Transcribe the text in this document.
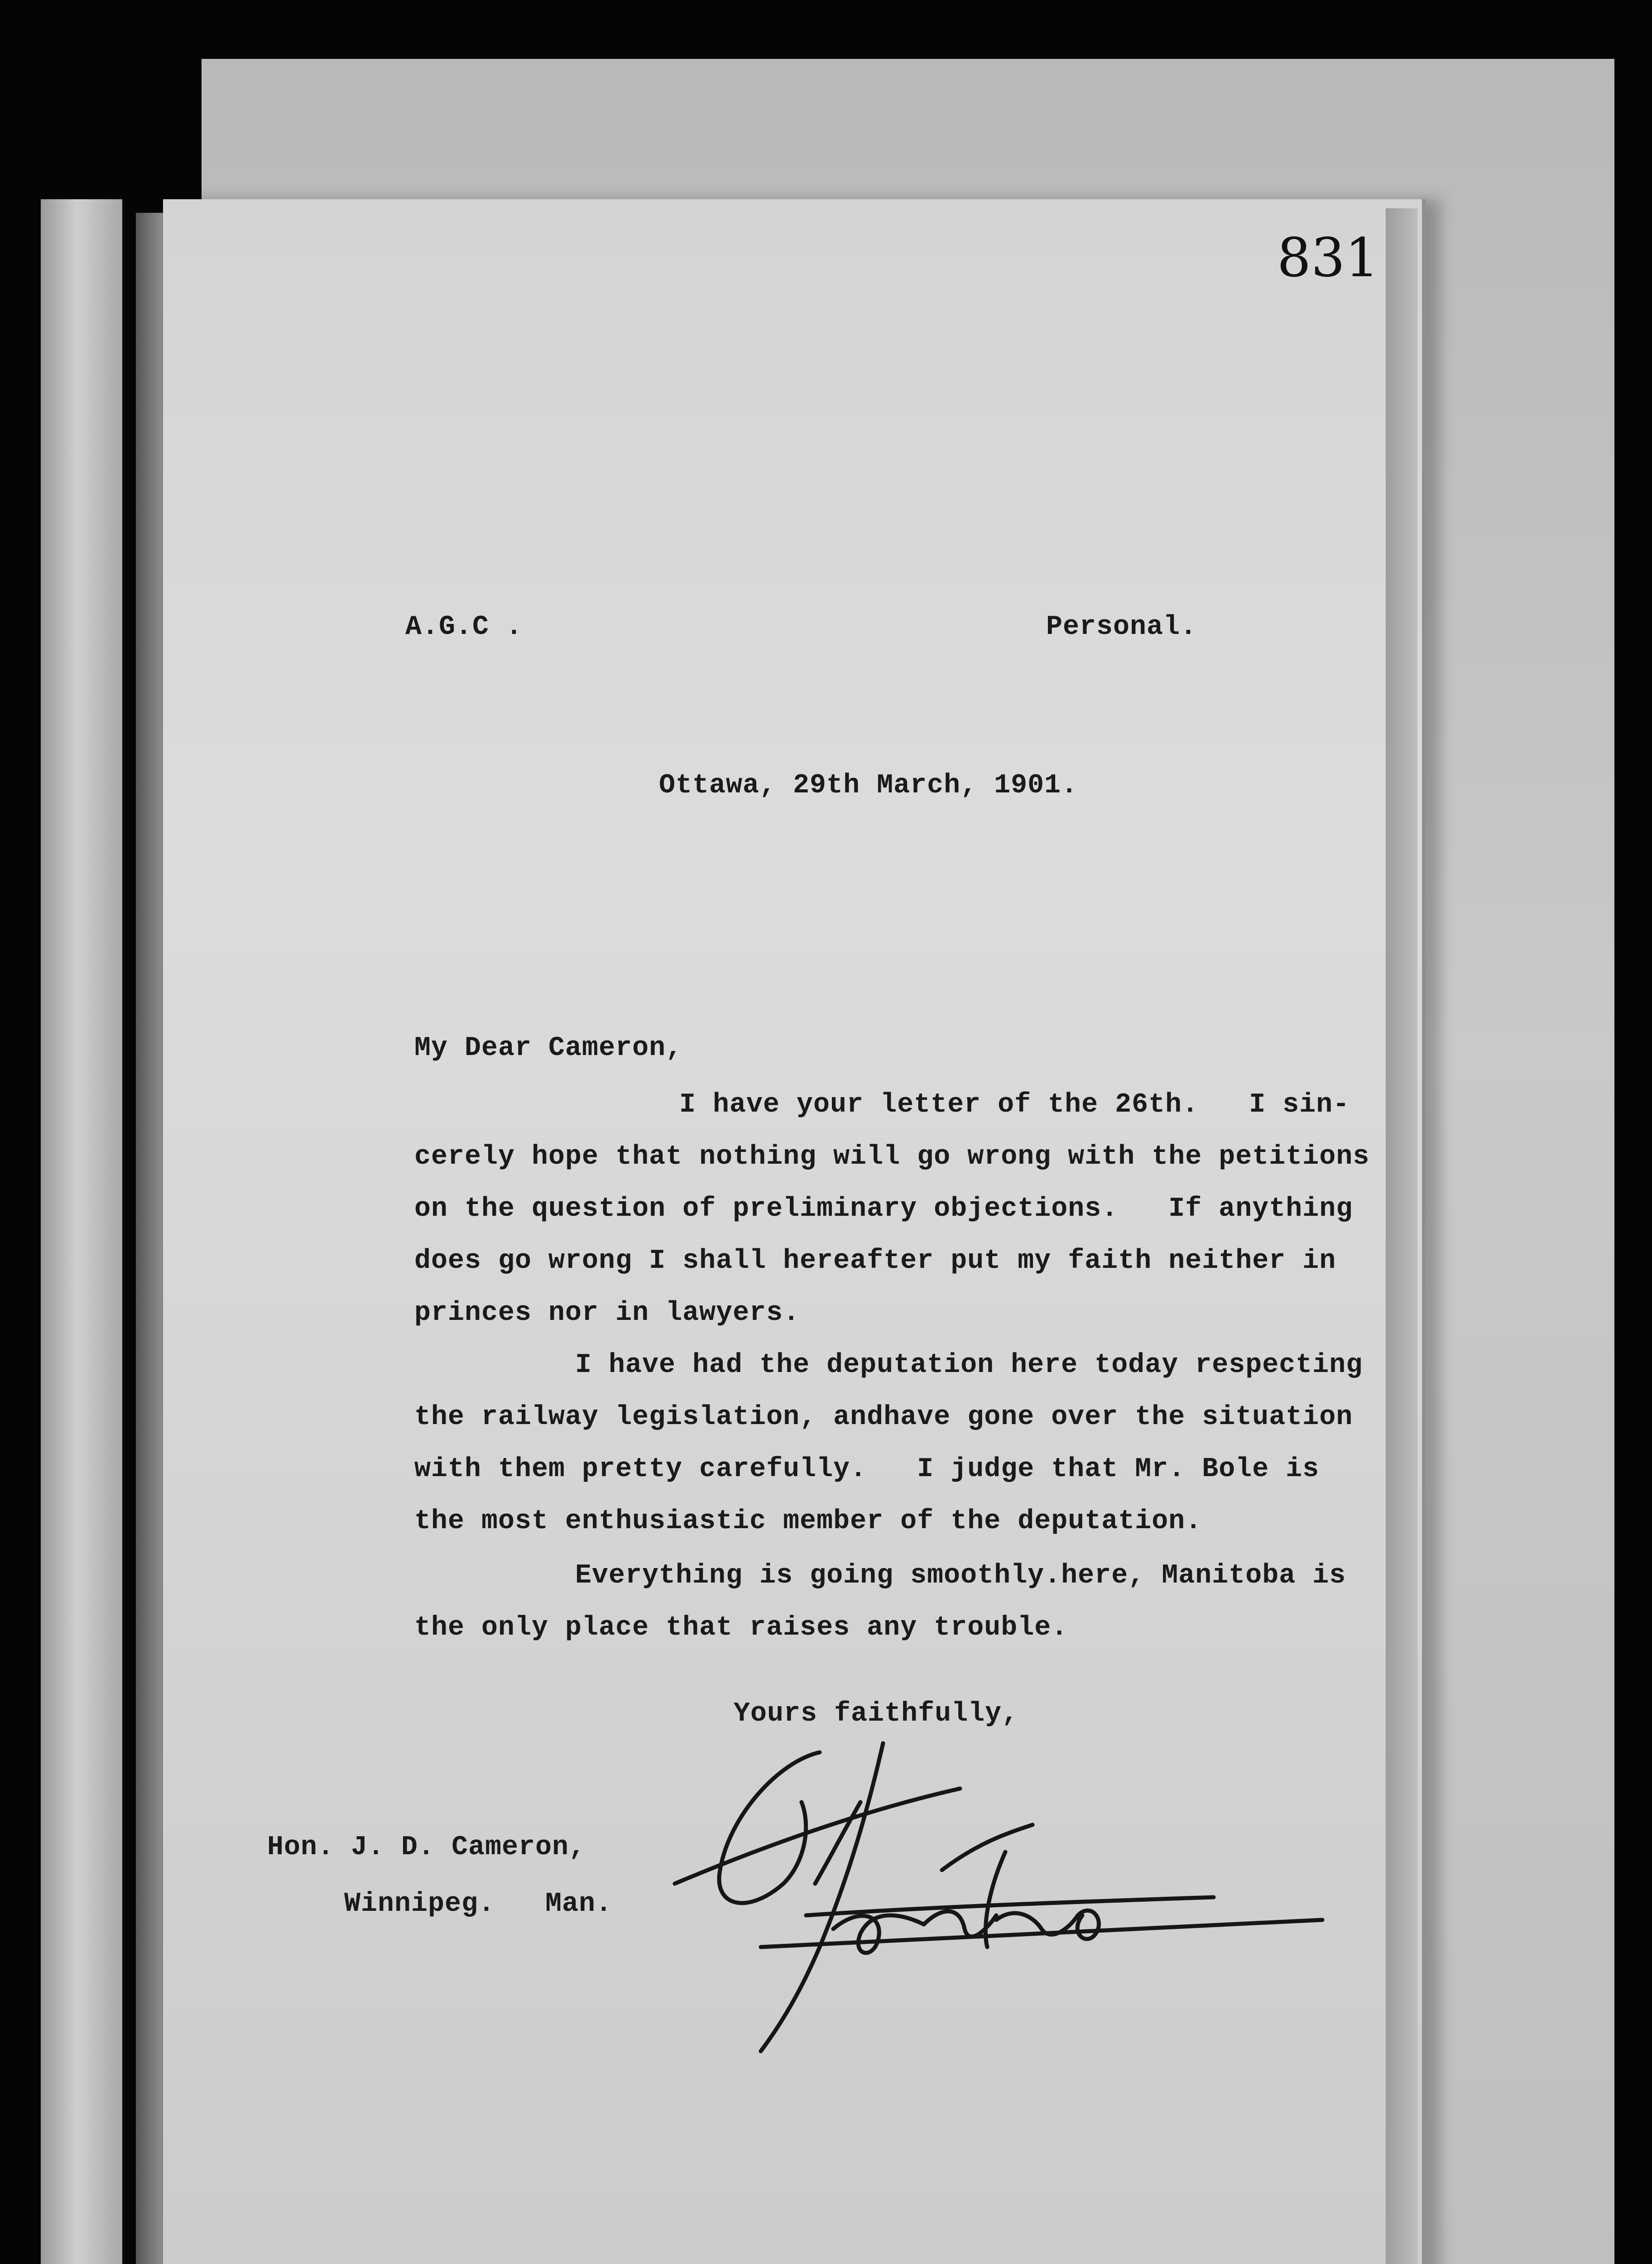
831
A.G.C .	Personal.
Ottawa, 29th March, 1901.
My Dear Cameron,
I have your letter of the 26th.   I sin-
cerely hope that nothing will go wrong with the petitions
on the question of preliminary objections.   If anything
does go wrong I shall hereafter put my faith neither in
princes nor in lawyers.
I have had the deputation here today respecting
the railway legislation, andhave gone over the situation
with them pretty carefully.   I judge that Mr. Bole is
the most enthusiastic member of the deputation.
Everything is going smoothly.here, Manitoba is
the only place that raises any trouble.
Yours faithfully,
Hon. J. D. Cameron,
Winnipeg.   Man.
